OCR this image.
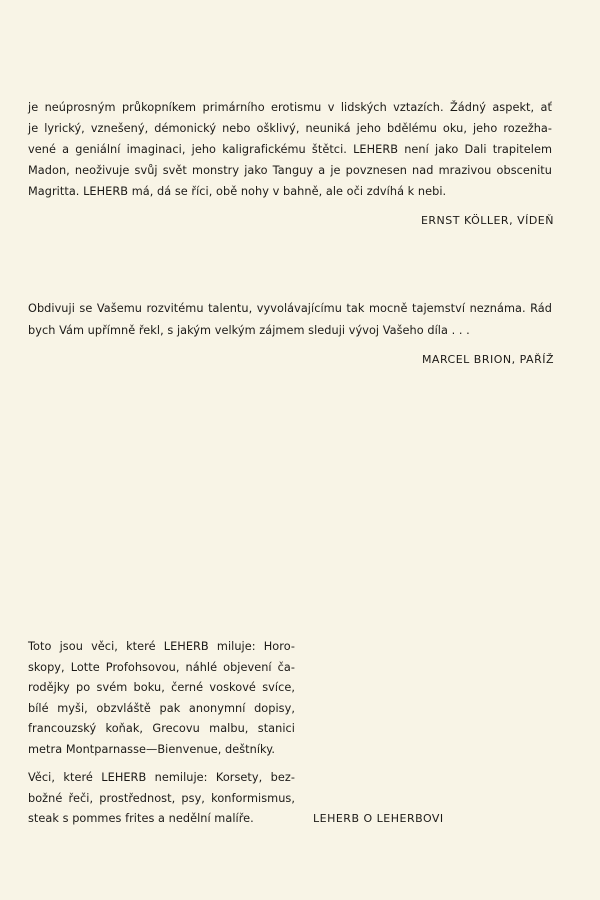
je neúprosným průkopníkem primárního erotismu v lidských vztazích. Žádný aspekt, ať
je lyrický, vznešený, démonický nebo ošklivý, neuniká jeho bdělému oku, jeho rozežha-
vené a geniální imaginaci, jeho kaligrafickému štětci. LEHERB není jako Dali trapitelem
Madon, neoživuje svůj svět monstry jako Tanguy a je povznesen nad mrazivou obscenitu
Magritta. LEHERB má, dá se říci, obě nohy v bahně, ale oči zdvíhá k nebi.
ERNST KÖLLER, VÍDEŇ
Obdivuji se Vašemu rozvitému talentu, vyvolávajícímu tak mocně tajemství neznáma. Rád
bych Vám upřímně řekl, s jakým velkým zájmem sleduji vývoj Vašeho díla . . .
MARCEL BRION, PAŘÍŽ
Toto jsou věci, které LEHERB miluje: Horo-
skopy, Lotte Profohsovou, náhlé objevení ča-
rodějky po svém boku, černé voskové svíce,
bílé myši, obzvláště pak anonymní dopisy,
francouzský koňak, Grecovu malbu, stanici
metra Montparnasse—Bienvenue, deštníky.
Věci, které LEHERB nemiluje: Korsety, bez-
božné řeči, prostřednost, psy, konformismus,
steak s pommes frites a nedělní malíře.	LEHERB O LEHERBOVI
